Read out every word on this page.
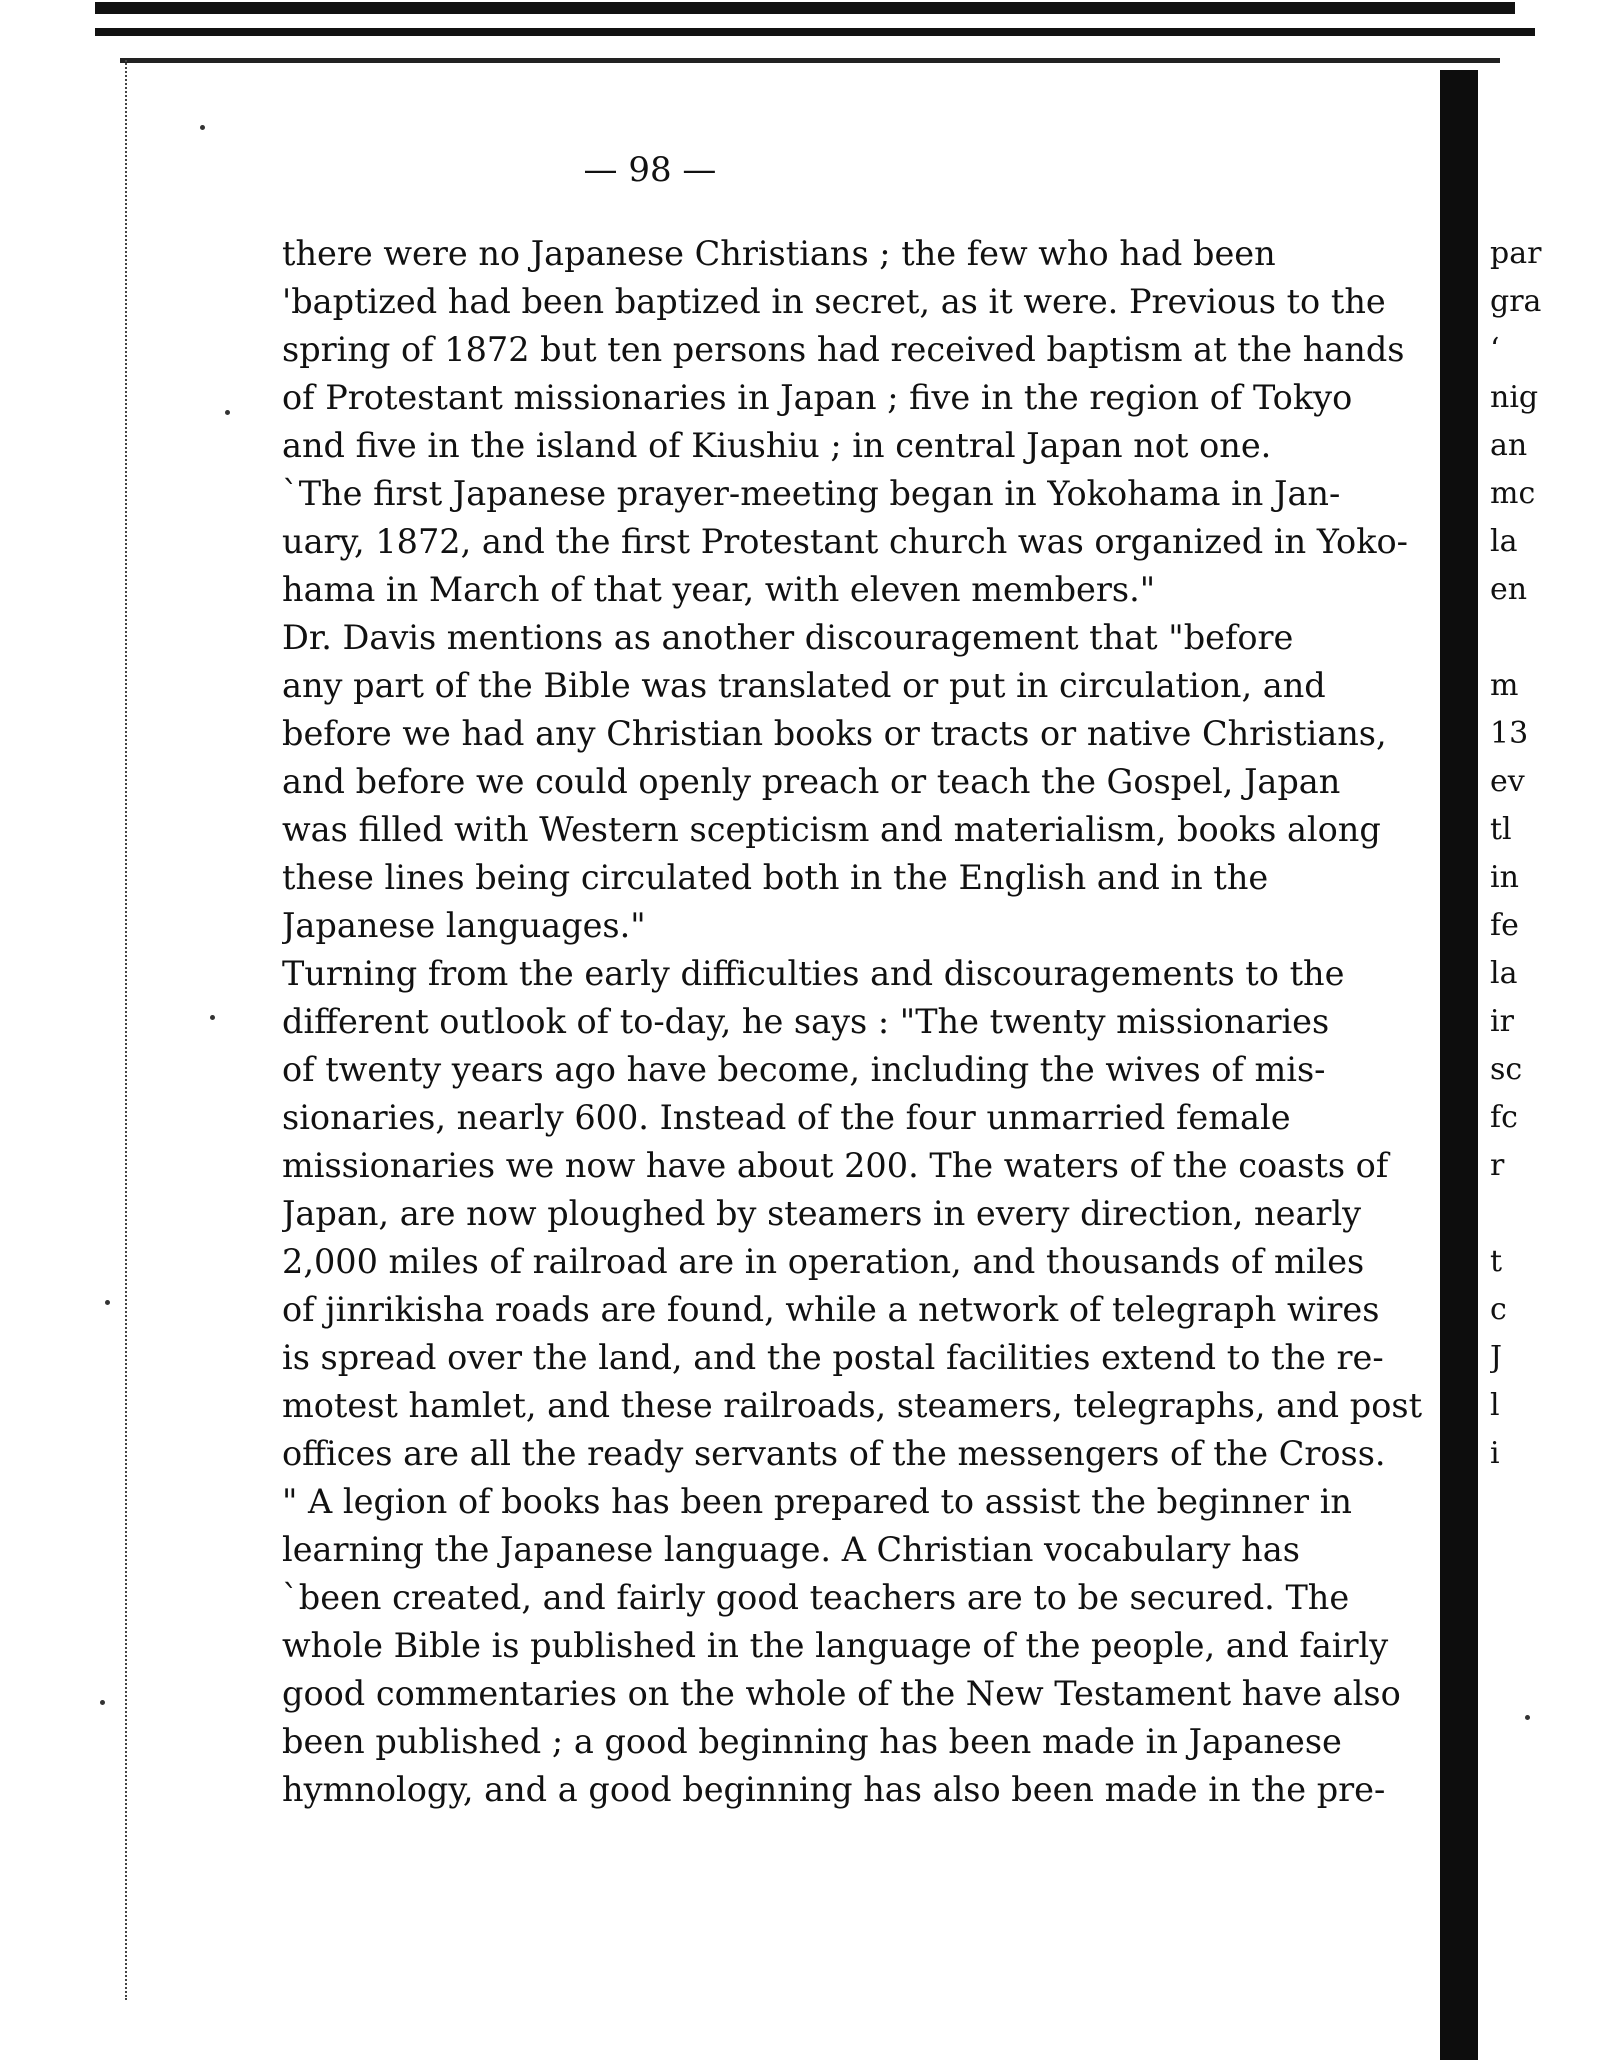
— 98 —
there were no Japanese Christians ; the few who had been
'baptized had been baptized in secret, as it were. Previous to the
spring of 1872 but ten persons had received baptism at the hands
of Protestant missionaries in Japan ; five in the region of Tokyo
and five in the island of Kiushiu ; in central Japan not one.
`The first Japanese prayer-meeting began in Yokohama in Jan-
uary, 1872, and the first Protestant church was organized in Yoko-
hama in March of that year, with eleven members."
Dr. Davis mentions as another discouragement that "before
any part of the Bible was translated or put in circulation, and
before we had any Christian books or tracts or native Christians,
and before we could openly preach or teach the Gospel, Japan
was filled with Western scepticism and materialism, books along
these lines being circulated both in the English and in the
Japanese languages."
Turning from the early difficulties and discouragements to the
different outlook of to-day, he says : "The twenty missionaries
of twenty years ago have become, including the wives of mis-
sionaries, nearly 600. Instead of the four unmarried female
missionaries we now have about 200. The waters of the coasts of
Japan, are now ploughed by steamers in every direction, nearly
2,000 miles of railroad are in operation, and thousands of miles
of jinrikisha roads are found, while a network of telegraph wires
is spread over the land, and the postal facilities extend to the re-
motest hamlet, and these railroads, steamers, telegraphs, and post
offices are all the ready servants of the messengers of the Cross.
" A legion of books has been prepared to assist the beginner in
learning the Japanese language. A Christian vocabulary has
`been created, and fairly good teachers are to be secured. The
whole Bible is published in the language of the people, and fairly
good commentaries on the whole of the New Testament have also
been published ; a good beginning has been made in Japanese
hymnology, and a good beginning has also been made in the pre-
par
gra
‘
nig
an
mc
la
en
m
13
ev
tl
in
fe
la
ir
sc
fc
r
t
c
J
l
i
